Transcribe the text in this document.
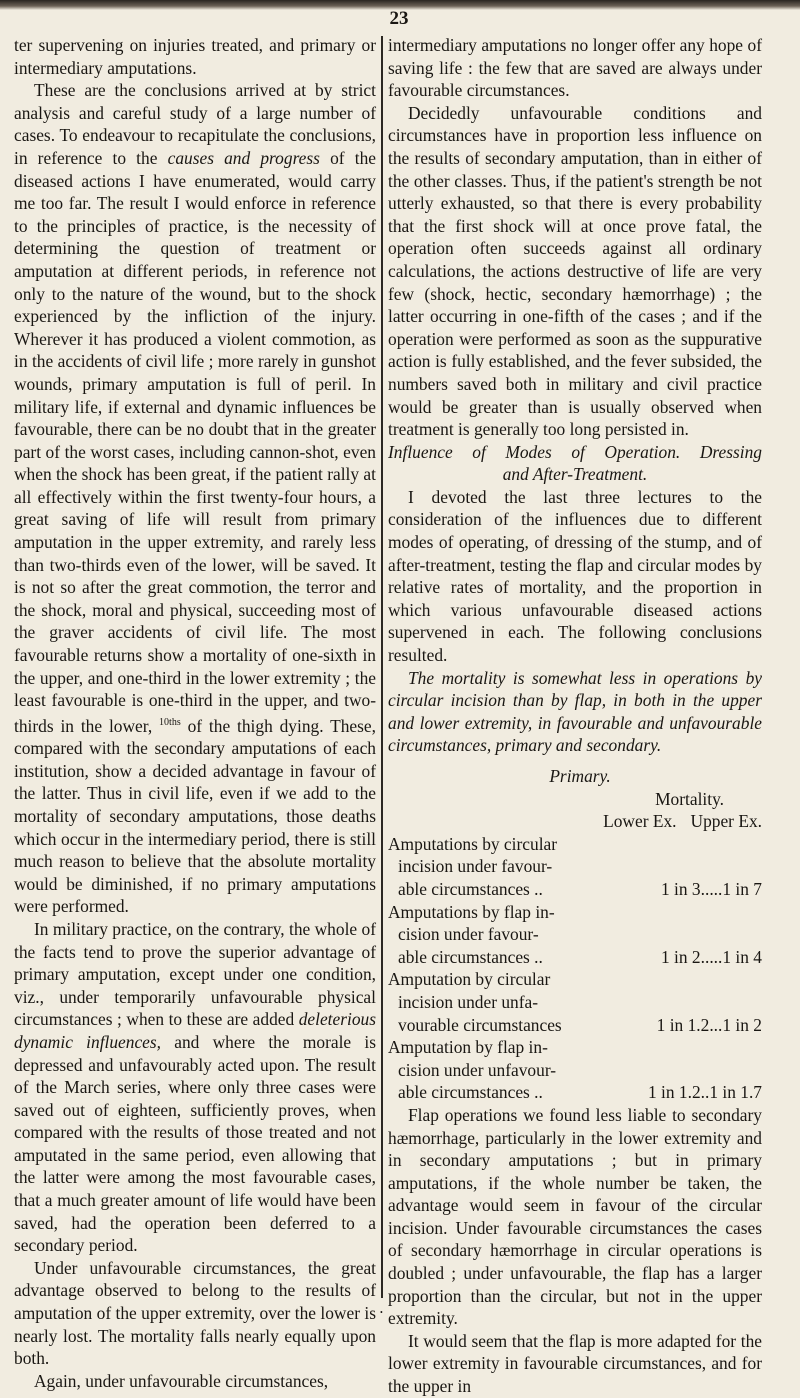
23

ter supervening on injuries treated, and primary or intermediary amputations.

These are the conclusions arrived at by strict analysis and careful study of a large number of cases. To endeavour to recapitulate the conclusions, in reference to the causes and progress of the diseased actions I have enumerated, would carry me too far. The result I would enforce in reference to the principles of practice, is the necessity of determining the question of treatment or amputation at different periods, in reference not only to the nature of the wound, but to the shock experienced by the infliction of the injury. Wherever it has produced a violent commotion, as in the accidents of civil life ; more rarely in gunshot wounds, primary amputation is full of peril. In military life, if external and dynamic influences be favourable, there can be no doubt that in the greater part of the worst cases, including cannon-shot, even when the shock has been great, if the patient rally at all effectively within the first twenty-four hours, a great saving of life will result from primary amputation in the upper extremity, and rarely less than two-thirds even of the lower, will be saved. It is not so after the great commotion, the terror and the shock, moral and physical, succeeding most of the graver accidents of civil life. The most favourable returns show a mortality of one-sixth in the upper, and one-third in the lower extremity ; the least favourable is one-third in the upper, and two-thirds in the lower, $^{10ths}$ of the thigh dying. These, compared with the secondary amputations of each institution, show a decided advantage in favour of the latter. Thus in civil life, even if we add to the mortality of secondary amputations, those deaths which occur in the intermediary period, there is still much reason to believe that the absolute mortality would be diminished, if no primary amputations were performed.

In military practice, on the contrary, the whole of the facts tend to prove the superior advantage of primary amputation, except under one condition, viz., under temporarily unfavourable physical circumstances ; when to these are added deleterious dynamic influences, and where the morale is depressed and unfavourably acted upon. The result of the March series, where only three cases were saved out of eighteen, sufficiently proves, when compared with the results of those treated and not amputated in the same period, even allowing that the latter were among the most favourable cases, that a much greater amount of life would have been saved, had the operation been deferred to a secondary period.

Under unfavourable circumstances, the great advantage observed to belong to the results of amputation of the upper extremity, over the lower is nearly lost. The mortality falls nearly equally upon both.

Again, under unfavourable circumstances,

intermediary amputations no longer offer any hope of saving life : the few that are saved are always under favourable circumstances.

Decidedly unfavourable conditions and circumstances have in proportion less influence on the results of secondary amputation, than in either of the other classes. Thus, if the patient's strength be not utterly exhausted, so that there is every probability that the first shock will at once prove fatal, the operation often succeeds against all ordinary calculations, the actions destructive of life are very few (shock, hectic, secondary hæmorrhage) ; the latter occurring in one-fifth of the cases ; and if the operation were performed as soon as the suppurative action is fully established, and the fever subsided, the numbers saved both in military and civil practice would be greater than is usually observed when treatment is generally too long persisted in.

Influence of Modes of Operation. Dressing
and After-Treatment.

I devoted the last three lectures to the consideration of the influences due to different modes of operating, of dressing of the stump, and of after-treatment, testing the flap and circular modes by relative rates of mortality, and the proportion in which various unfavourable diseased actions supervened in each. The following conclusions resulted.

The mortality is somewhat less in operations by circular incision than by flap, in both in the upper and lower extremity, in favourable and unfavourable circumstances, primary and secondary.

Primary.
Mortality.
Lower Ex. Upper Ex.
Amputations by circular
incision under favour-
able circumstances ..	1 in 3.....1 in 7
Amputations by flap in-
cision under favour-
able circumstances ..	1 in 2.....1 in 4
Amputation by circular
incision under unfa-
vourable circumstances	1 in 1.2...1 in 2
Amputation by flap in-
cision under unfavour-
able circumstances ..	1 in 1.2..1 in 1.7

Flap operations we found less liable to secondary hæmorrhage, particularly in the lower extremity and in secondary amputations ; but in primary amputations, if the whole number be taken, the advantage would seem in favour of the circular incision. Under favourable circumstances the cases of secondary hæmorrhage in circular operations is doubled ; under unfavourable, the flap has a larger proportion than the circular, but not in the upper extremity.

It would seem that the flap is more adapted for the lower extremity in favourable circumstances, and for the upper in

•
